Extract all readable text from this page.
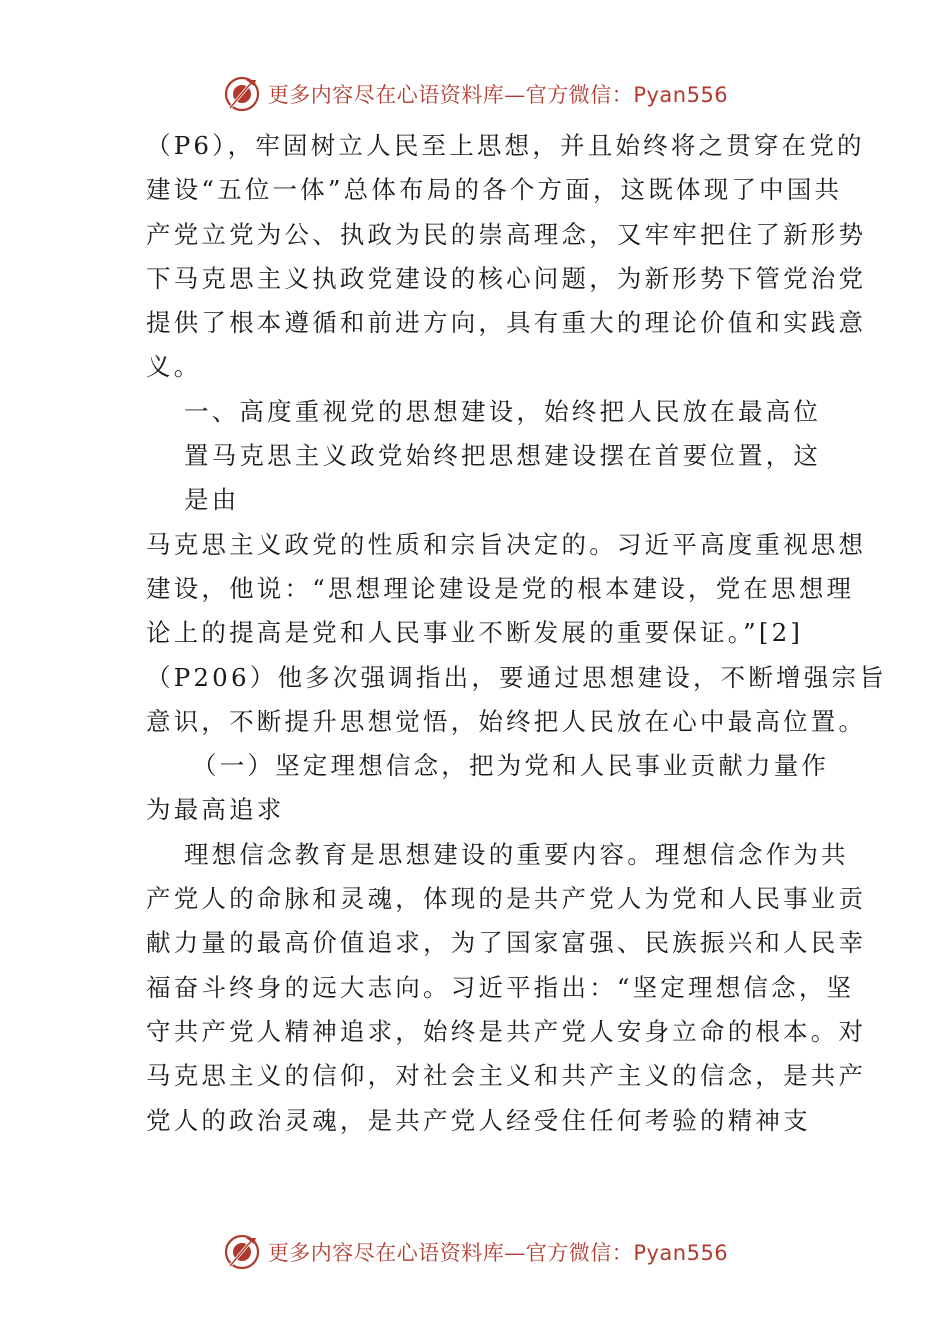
更多内容尽在心语资料库—官方微信：Pyan556
（P6），牢固树立人民至上思想，并且始终将之贯穿在党的
建设“五位一体”总体布局的各个方面，这既体现了中国共
产党立党为公、执政为民的崇高理念，又牢牢把住了新形势
下马克思主义执政党建设的核心问题，为新形势下管党治党
提供了根本遵循和前进方向，具有重大的理论价值和实践意
义。
一、高度重视党的思想建设，始终把人民放在最高位
置马克思主义政党始终把思想建设摆在首要位置，这
是由
马克思主义政党的性质和宗旨决定的。习近平高度重视思想
建设，他说：“思想理论建设是党的根本建设，党在思想理
论上的提高是党和人民事业不断发展的重要保证。”[2]
（P206）他多次强调指出，要通过思想建设，不断增强宗旨
意识，不断提升思想觉悟，始终把人民放在心中最高位置。
（一）坚定理想信念，把为党和人民事业贡献力量作
为最高追求
理想信念教育是思想建设的重要内容。理想信念作为共
产党人的命脉和灵魂，体现的是共产党人为党和人民事业贡
献力量的最高价值追求，为了国家富强、民族振兴和人民幸
福奋斗终身的远大志向。习近平指出：“坚定理想信念，坚
守共产党人精神追求，始终是共产党人安身立命的根本。对
马克思主义的信仰，对社会主义和共产主义的信念，是共产
党人的政治灵魂，是共产党人经受住任何考验的精神支
更多内容尽在心语资料库—官方微信：Pyan556
